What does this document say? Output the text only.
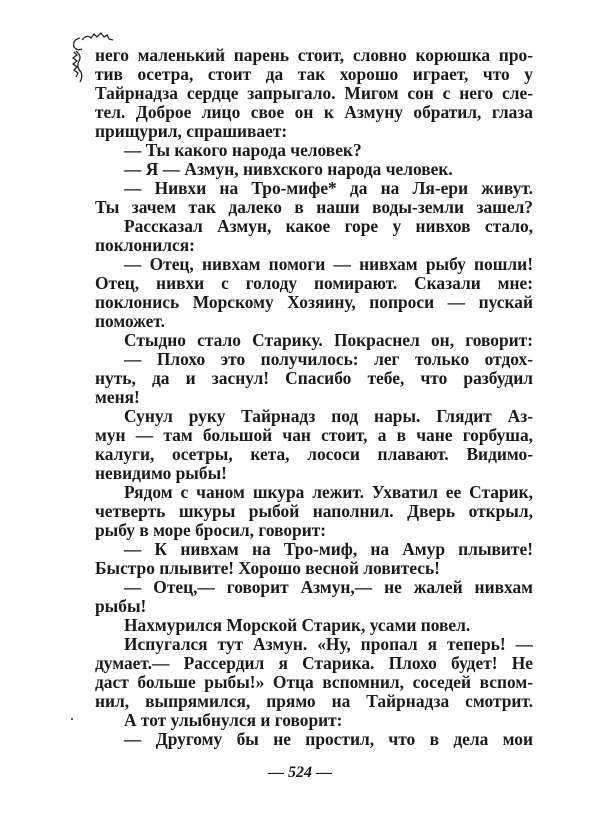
него маленький парень стоит, словно корюшка про-
тив осетра, стоит да так хорошо играет, что у
Тайрнадза сердце запрыгало. Мигом сон с него сле-
тел. Доброе лицо свое он к Азмуну обратил, глаза
прищурил, спрашивает:
— Ты какого народа человек?
— Я — Азмун, нивхского народа человек.
— Нивхи на Тро-мифе* да на Ля-ери живут.
Ты зачем так далеко в наши воды-земли зашел?
Рассказал Азмун, какое горе у нивхов стало,
поклонился:
— Отец, нивхам помоги — нивхам рыбу пошли!
Отец, нивхи с голоду помирают. Сказали мне:
поклонись Морскому Хозяину, попроси — пускай
поможет.
Стыдно стало Старику. Покраснел он, говорит:
— Плохо это получилось: лег только отдох-
нуть, да и заснул! Спасибо тебе, что разбудил
меня!
Сунул руку Тайрнадз под нары. Глядит Аз-
мун — там большой чан стоит, а в чане горбуша,
калуги, осетры, кета, лососи плавают. Видимо-
невидимо рыбы!
Рядом с чаном шкура лежит. Ухватил ее Старик,
четверть шкуры рыбой наполнил. Дверь открыл,
рыбу в море бросил, говорит:
— К нивхам на Тро-миф, на Амур плывите!
Быстро плывите! Хорошо весной ловитесь!
— Отец,— говорит Азмун,— не жалей нивхам
рыбы!
Нахмурился Морской Старик, усами повел.
Испугался тут Азмун. «Ну, пропал я теперь! —
думает.— Рассердил я Старика. Плохо будет! Не
даст больше рыбы!» Отца вспомнил, соседей вспом-
нил, выпрямился, прямо на Тайрнадза смотрит.
А тот улыбнулся и говорит:
— Другому бы не простил, что в дела мои
— 524 —
